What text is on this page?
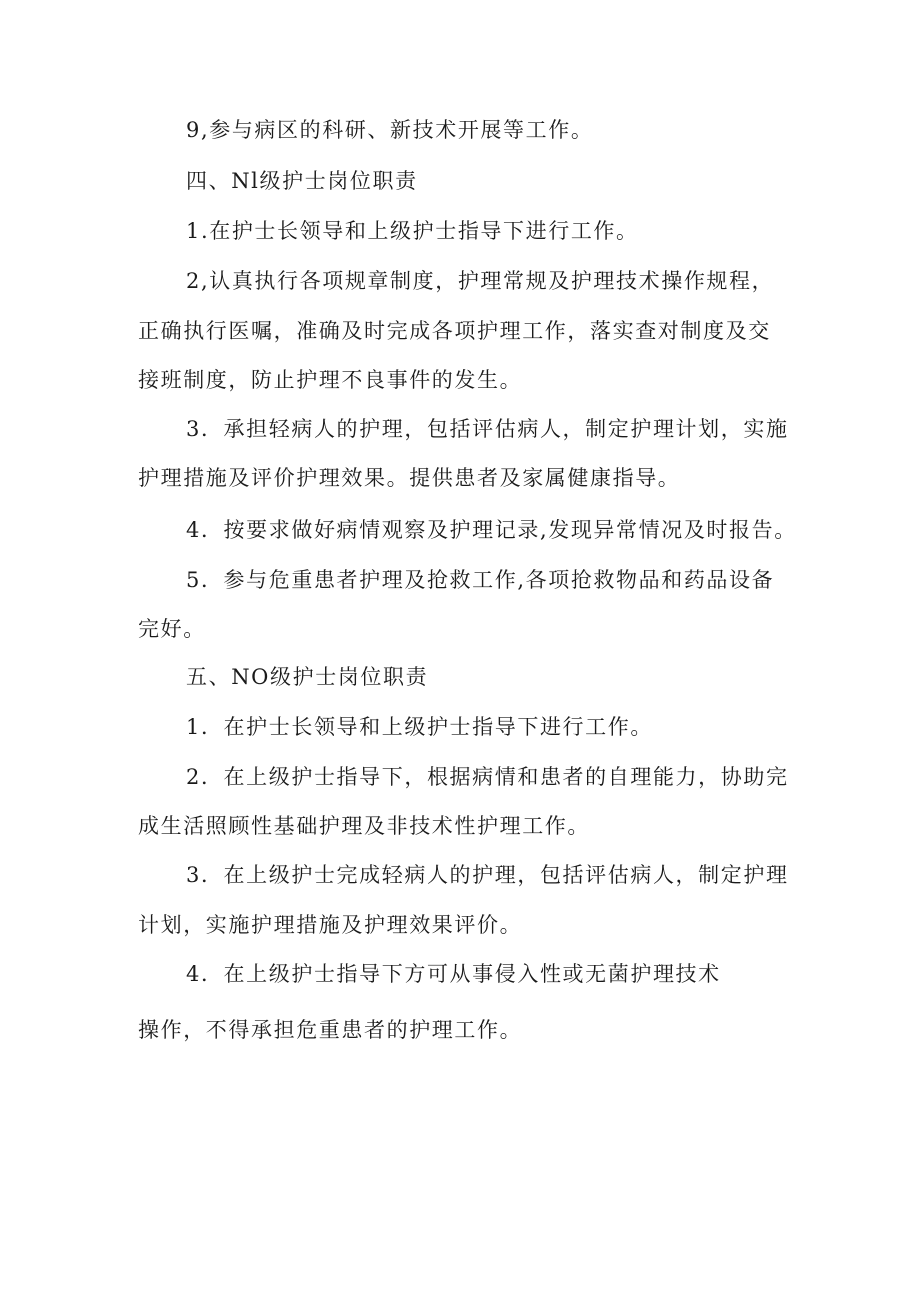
9,参与病区的科研、新技术开展等工作。
四、Nl级护士岗位职责
1.在护士长领导和上级护士指导下进行工作。
2,认真执行各项规章制度，护理常规及护理技术操作规程，
正确执行医嘱，准确及时完成各项护理工作，落实查对制度及交
接班制度，防止护理不良事件的发生。
3．承担轻病人的护理，包括评估病人，制定护理计划，实施
护理措施及评价护理效果。提供患者及家属健康指导。
4．按要求做好病情观察及护理记录,发现异常情况及时报告。
5．参与危重患者护理及抢救工作,各项抢救物品和药品设备
完好。
五、NO级护士岗位职责
1．在护士长领导和上级护士指导下进行工作。
2．在上级护士指导下，根据病情和患者的自理能力，协助完
成生活照顾性基础护理及非技术性护理工作。
3．在上级护士完成轻病人的护理，包括评估病人，制定护理
计划，实施护理措施及护理效果评价。
4．在上级护士指导下方可从事侵入性或无菌护理技术
操作，不得承担危重患者的护理工作。
